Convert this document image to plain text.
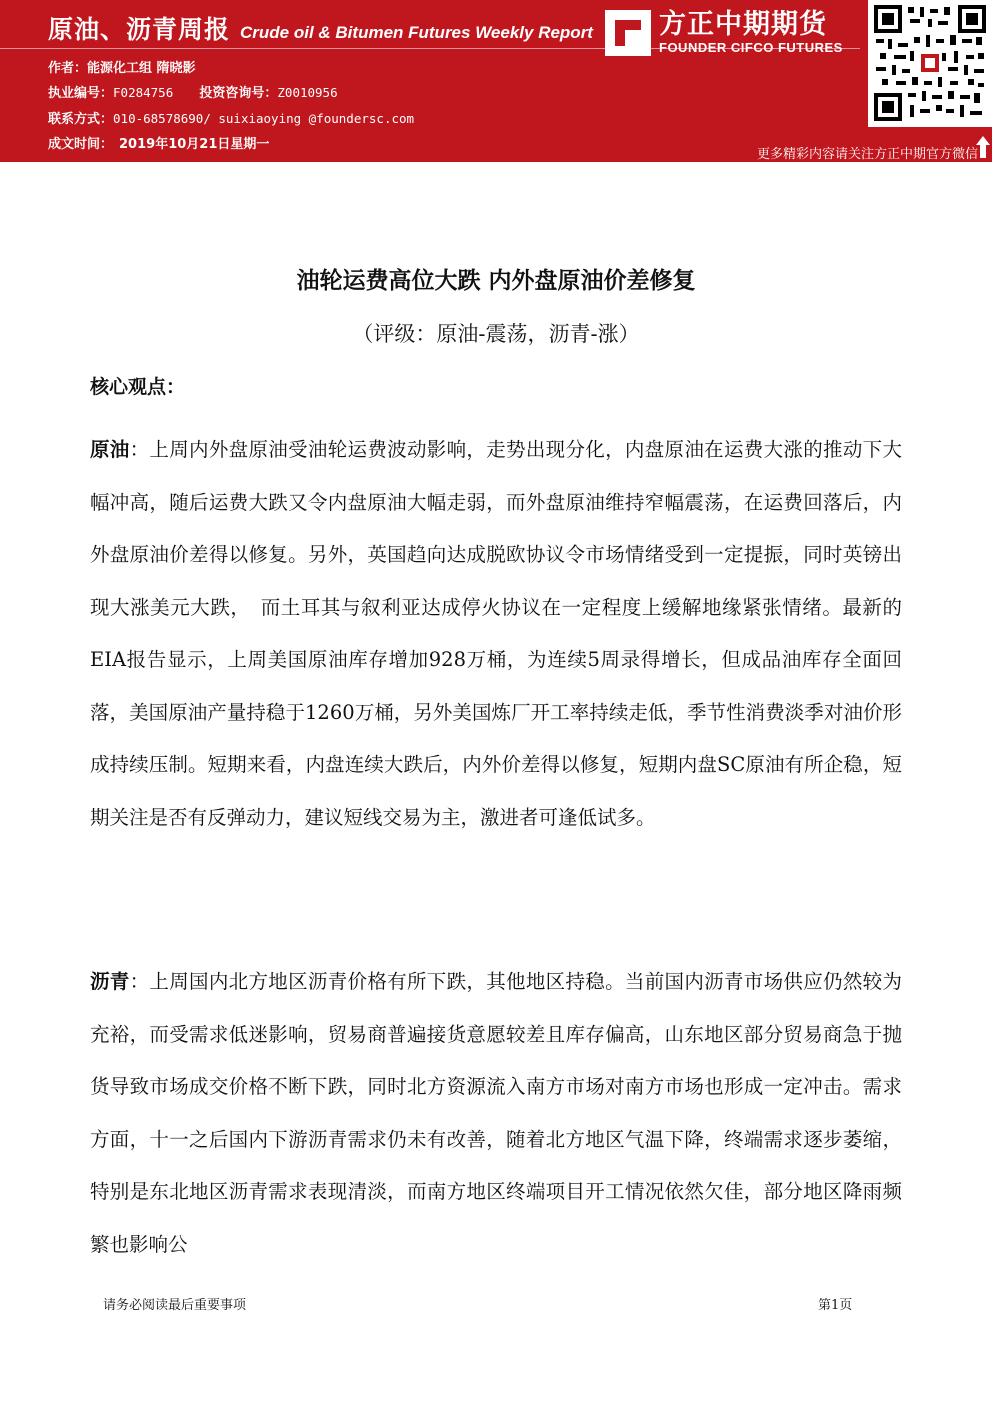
原油、沥青周报 Crude oil & Bitumen Futures Weekly Report
作者：能源化工组 隋晓影
执业编号：F0284756 投资咨询号：Z0010956
联系方式：010-68578690/ suixiaoying @foundersc.com
成文时间： 2019年10月21日星期一
方正中期期货
FOUNDER CIFCO FUTURES
更多精彩内容请关注方正中期官方微信
油轮运费高位大跌 内外盘原油价差修复
（评级：原油-震荡，沥青-涨）
核心观点：

原油：上周内外盘原油受油轮运费波动影响，走势出现分化，内盘原油在运费大涨的推动下大幅冲高，随后运费大跌又令内盘原油大幅走弱，而外盘原油维持窄幅震荡，在运费回落后，内外盘原油价差得以修复。另外，英国趋向达成脱欧协议令市场情绪受到一定提振，同时英镑出现大涨美元大跌，　而土耳其与叙利亚达成停火协议在一定程度上缓解地缘紧张情绪。最新的EIA报告显示，上周美国原油库存增加928万桶，为连续5周录得增长，但成品油库存全面回落，美国原油产量持稳于1260万桶，另外美国炼厂开工率持续走低，季节性消费淡季对油价形成持续压制。短期来看，内盘连续大跌后，内外价差得以修复，短期内盘SC原油有所企稳，短期关注是否有反弹动力，建议短线交易为主，激进者可逢低试多。

沥青：上周国内北方地区沥青价格有所下跌，其他地区持稳。当前国内沥青市场供应仍然较为充裕，而受需求低迷影响，贸易商普遍接货意愿较差且库存偏高，山东地区部分贸易商急于抛货导致市场成交价格不断下跌，同时北方资源流入南方市场对南方市场也形成一定冲击。需求方面，十一之后国内下游沥青需求仍未有改善，随着北方地区气温下降，终端需求逐步萎缩，特别是东北地区沥青需求表现清淡，而南方地区终端项目开工情况依然欠佳，部分地区降雨频繁也影响公

请务必阅读最后重要事项	第1页
